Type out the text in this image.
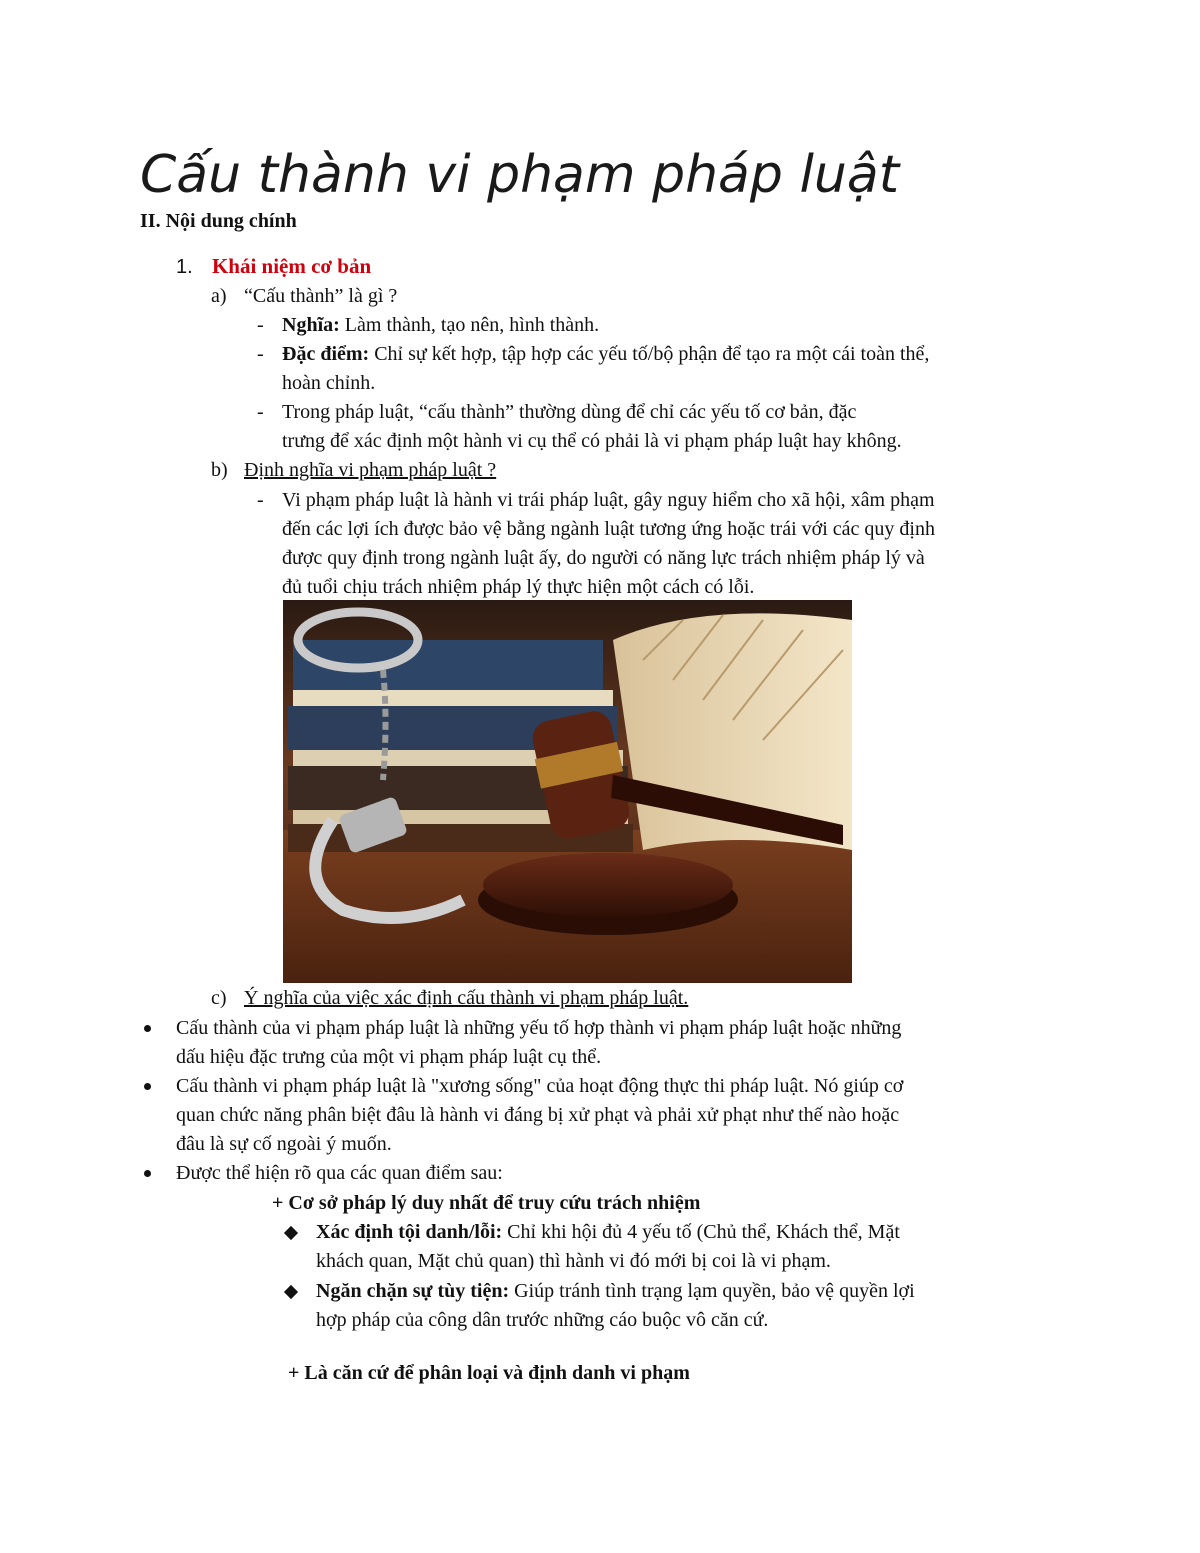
Cấu thành vi phạm pháp luật
II. Nội dung chính
1. Khái niệm cơ bản
a) “Cấu thành” là gì ?
- Nghĩa: Làm thành, tạo nên, hình thành.
- Đặc điểm: Chỉ sự kết hợp, tập hợp các yếu tố/bộ phận để tạo ra một cái toàn thể,
hoàn chỉnh.
- Trong pháp luật, “cấu thành” thường dùng để chỉ các yếu tố cơ bản, đặc
trưng để xác định một hành vi cụ thể có phải là vi phạm pháp luật hay không.
b) Định nghĩa vi phạm pháp luật ?
- Vi phạm pháp luật là hành vi trái pháp luật, gây nguy hiểm cho xã hội, xâm phạm
đến các lợi ích được bảo vệ bằng ngành luật tương ứng hoặc trái với các quy định
được quy định trong ngành luật ấy, do người có năng lực trách nhiệm pháp lý và
đủ tuổi chịu trách nhiệm pháp lý thực hiện một cách có lỗi.
c) Ý nghĩa của việc xác định cấu thành vi phạm pháp luật.
Cấu thành của vi phạm pháp luật là những yếu tố hợp thành vi phạm pháp luật hoặc những
dấu hiệu đặc trưng của một vi phạm pháp luật cụ thể.
Cấu thành vi phạm pháp luật là "xương sống" của hoạt động thực thi pháp luật. Nó giúp cơ
quan chức năng phân biệt đâu là hành vi đáng bị xử phạt và phải xử phạt như thế nào hoặc
đâu là sự cố ngoài ý muốn.
Được thể hiện rõ qua các quan điểm sau:
+ Cơ sở pháp lý duy nhất để truy cứu trách nhiệm
Xác định tội danh/lỗi: Chỉ khi hội đủ 4 yếu tố (Chủ thể, Khách thể, Mặt
khách quan, Mặt chủ quan) thì hành vi đó mới bị coi là vi phạm.
Ngăn chặn sự tùy tiện: Giúp tránh tình trạng lạm quyền, bảo vệ quyền lợi
hợp pháp của công dân trước những cáo buộc vô căn cứ.
+ Là căn cứ để phân loại và định danh vi phạm
